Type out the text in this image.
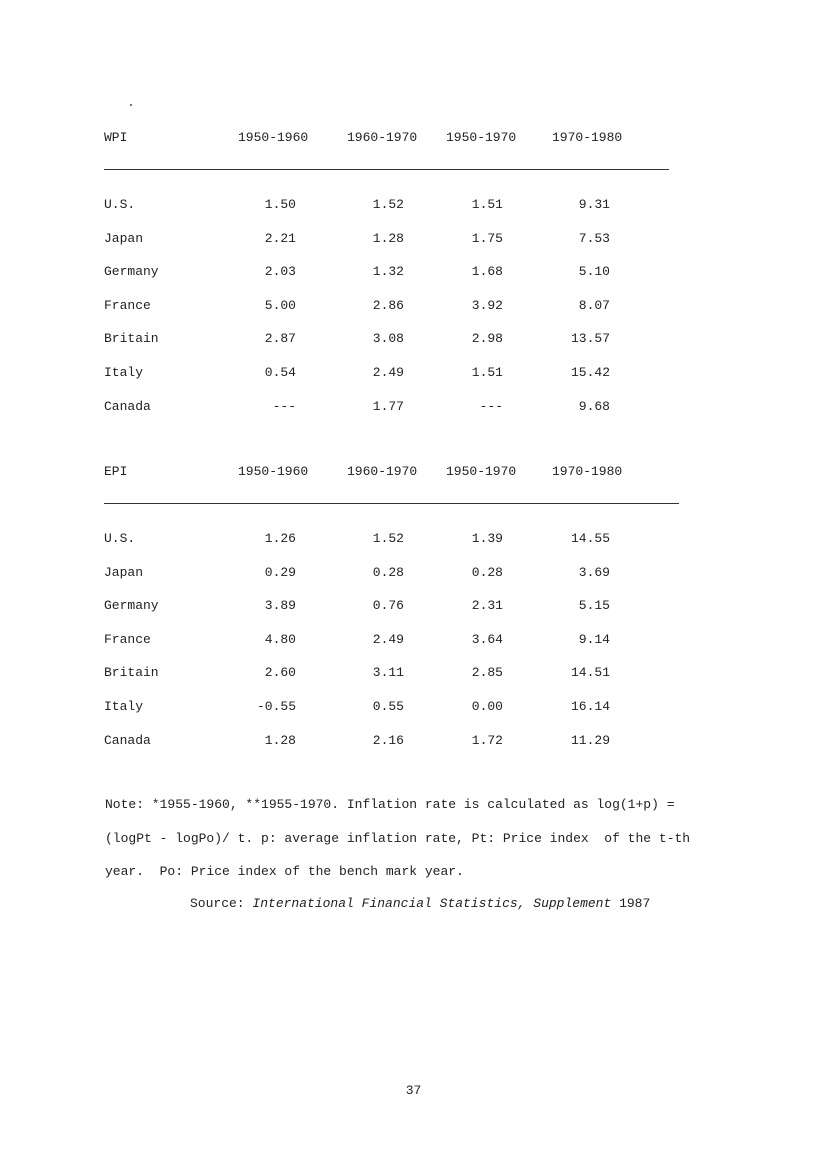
WPI	1950-1960	1960-1970 1950-1970	1970-1980
U.S.	1.50	1.52	1.51	9.31
Japan	2.21	1.28	1.75	7.53
Germany	2.03	1.32	1.68	5.10
France	5.00	2.86	3.92	8.07
Britain	2.87	3.08	2.98	13.57
Italy	0.54	2.49	1.51	15.42
Canada	---	1.77	---	9.68
EPI	1950-1960	1960-1970 1950-1970	1970-1980
U.S.	1.26	1.52	1.39	14.55
Japan	0.29	0.28	0.28	3.69
Germany	3.89	0.76	2.31	5.15
France	4.80	2.49	3.64	9.14
Britain	2.60	3.11	2.85	14.51
Italy	-0.55	0.55	0.00	16.14
Canada	1.28	2.16	1.72	11.29
Note: *1955-1960, **1955-1970. Inflation rate is calculated as log(1+p) =
(logPt - logPo)/ t. p: average inflation rate, Pt: Price index  of the t-th
year.  Po: Price index of the bench mark year.
Source: International Financial Statistics, Supplement 1987
37
